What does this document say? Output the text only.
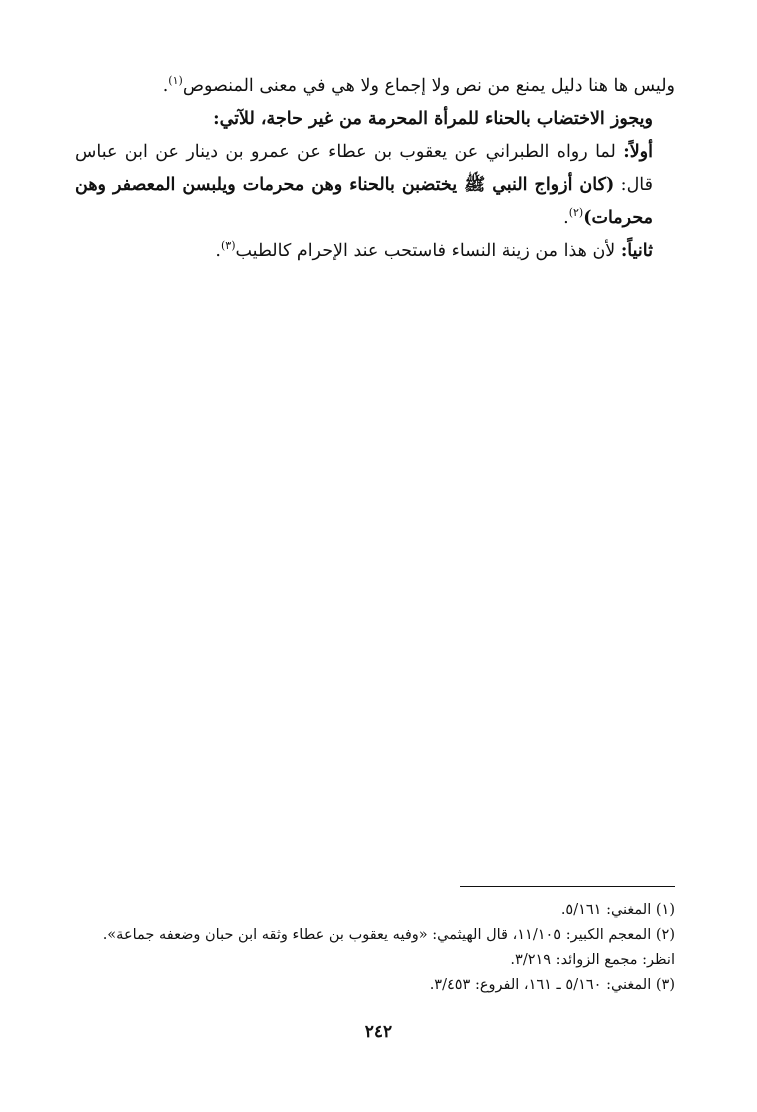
وليس ها هنا دليل يمنع من نص ولا إجماع ولا هي في معنى المنصوص$^{(١)}$.

ويجوز الاختضاب بالحناء للمرأة المحرمة من غير حاجة، للآتي:

أولاً: لما رواه الطبراني عن يعقوب بن عطاء عن عمرو بن دينار عن ابن عباس قال: (كان أزواج النبي ﷺ يختضبن بالحناء وهن محرمات ويلبسن المعصفر وهن محرمات)$^{(٢)}$.

ثانياً: لأن هذا من زينة النساء فاستحب عند الإحرام كالطيب$^{(٣)}$.

(١) المغني: ٥/١٦١.

(٢) المعجم الكبير: ١١/١٠٥، قال الهيثمي: «وفيه يعقوب بن عطاء وثقه ابن حبان وضعفه جماعة». انظر: مجمع الزوائد: ٣/٢١٩.

(٣) المغني: ٥/١٦٠ ـ ١٦١، الفروع: ٣/٤٥٣.

٢٤٢
